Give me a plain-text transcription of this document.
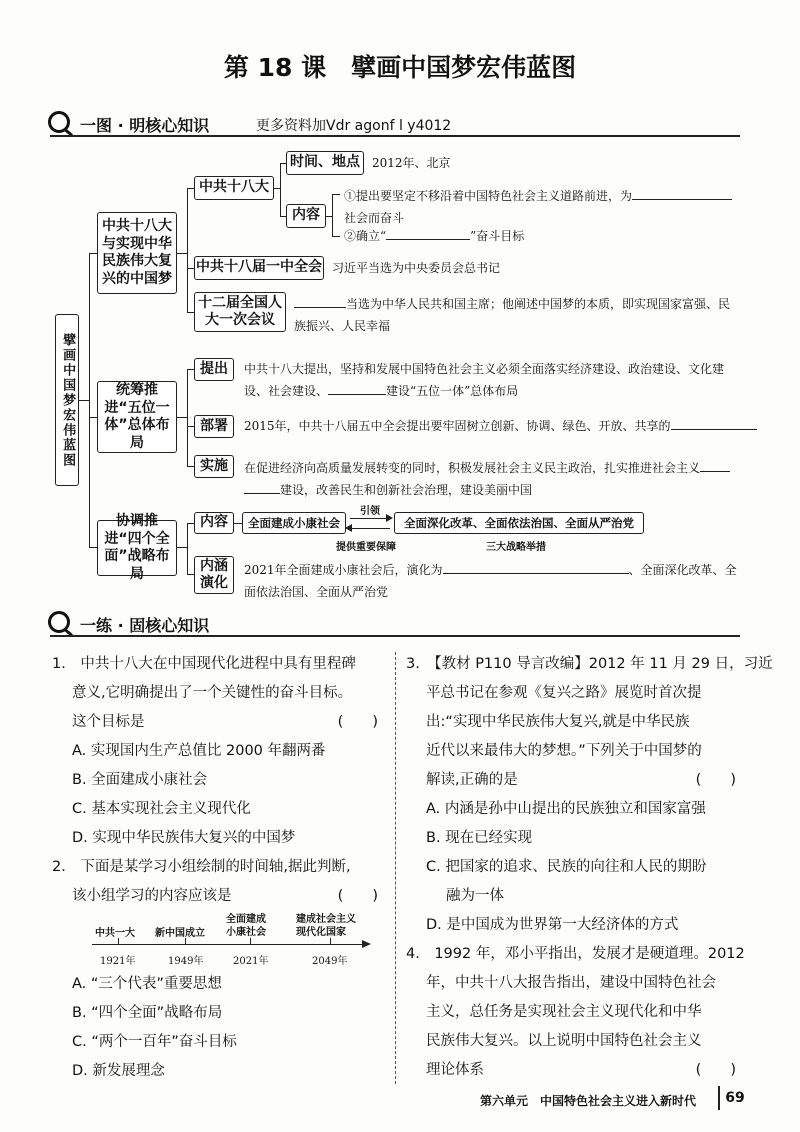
第 18 课　擘画中国梦宏伟蓝图
一图 · 明核心知识	更多资料加Vdr agonf l y4012
擘画中国梦宏伟蓝图
中共十八大与实现中华民族伟大复兴的中国梦
中共十八大
时间、地点	2012年、北京
内容
①提出要坚定不移沿着中国特色社会主义道路前进，为
社会而奋斗
②确立“	”奋斗目标
中共十八届一中全会 习近平当选为中央委员会总书记
十二届全国人大一次会议
当选为中华人民共和国主席；他阐述中国梦的本质，即实现国家富强、民
族振兴、人民幸福
统筹推进“五位一体”总体布局
提出	中共十八大提出，坚持和发展中国特色社会主义必须全面落实经济建设、政治建设、文化建
设、社会建设、	建设“五位一体”总体布局
部署	2015年，中共十八届五中全会提出要牢固树立创新、协调、绿色、开放、共享的
实施	在促进经济向高质量发展转变的同时，积极发展社会主义民主政治，扎实推进社会主义
建设，改善民生和创新社会治理，建设美丽中国
协调推进“四个全面”战略布局
内容	全面建成小康社会
引领
全面深化改革、全面依法治国、全面从严治党
提供重要保障	三大战略举措
内涵演化
2021年全面建成小康社会后，演化为	、全面深化改革、全
面依法治国、全面从严治党
一练 · 固核心知识
1.　中共十八大在中国现代化进程中具有里程碑
意义,它明确提出了一个关键性的奋斗目标。
这个目标是	(　　)
A. 实现国内生产总值比 2000 年翻两番
B. 全面建成小康社会
C. 基本实现社会主义现代化
D. 实现中华民族伟大复兴的中国梦
2.　下面是某学习小组绘制的时间轴,据此判断,
该小组学习的内容应该是	(　　)
中共一大 新中国成立
全面建成
小康社会
建成社会主义
现代化国家
1921年	1949年	2021年	2049年
A. “三个代表”重要思想
B. “四个全面”战略布局
C. “两个一百年”奋斗目标
D. 新发展理念
3.　【教材 P110 导言改编】2012 年 11 月 29 日，习近
平总书记在参观《复兴之路》展览时首次提
出:“实现中华民族伟大复兴,就是中华民族
近代以来最伟大的梦想。”下列关于中国梦的
解读,正确的是	(　　)
A. 内涵是孙中山提出的民族独立和国家富强
B. 现在已经实现
C. 把国家的追求、民族的向往和人民的期盼
融为一体
D. 是中国成为世界第一大经济体的方式
4.　1992 年，邓小平指出，发展才是硬道理。2012
年，中共十八大报告指出，建设中国特色社会
主义，总任务是实现社会主义现代化和中华
民族伟大复兴。以上说明中国特色社会主义
理论体系	(　　)
第六单元　中国特色社会主义进入新时代	69
